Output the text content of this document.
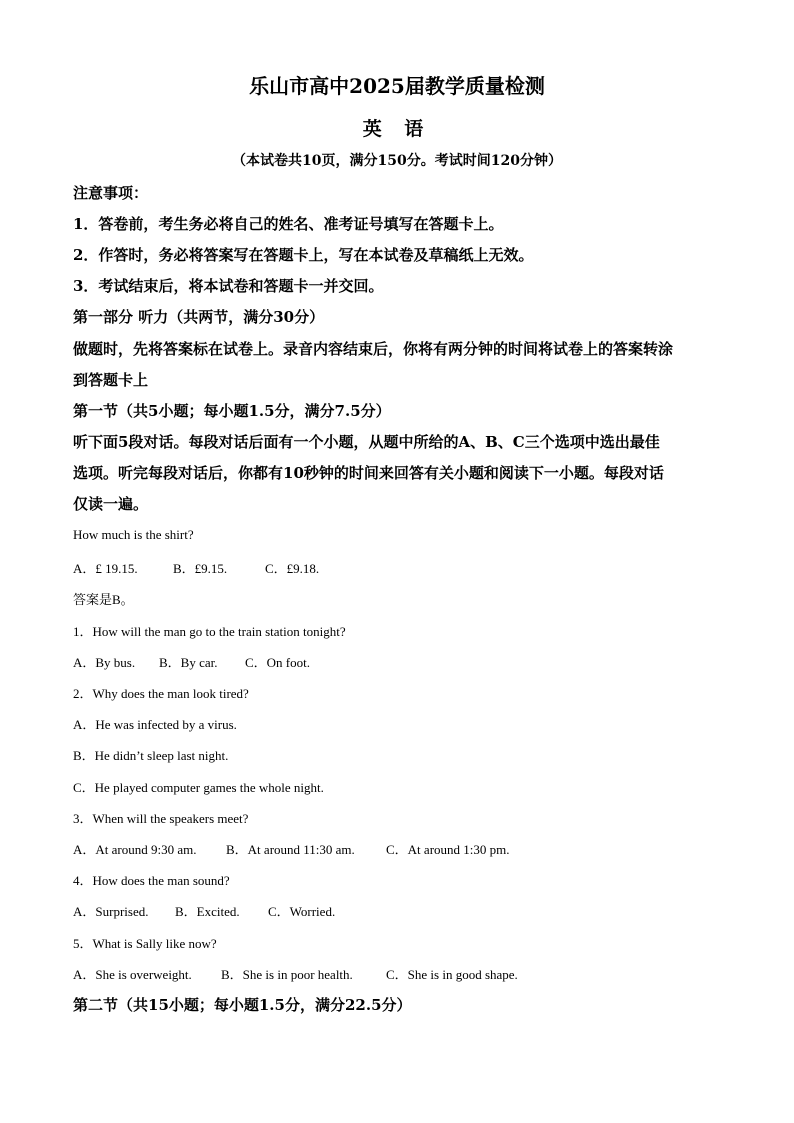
乐山市高中2025届教学质量检测
英 语
（本试卷共10页，满分150分。考试时间120分钟）
注意事项：
1．答卷前，考生务必将自己的姓名、准考证号填写在答题卡上。
2．作答时，务必将答案写在答题卡上，写在本试卷及草稿纸上无效。
3．考试结束后，将本试卷和答题卡一并交回。
第一部分 听力（共两节，满分30分）
做题时，先将答案标在试卷上。录音内容结束后，你将有两分钟的时间将试卷上的答案转涂
到答题卡上
第一节（共5小题；每小题1.5分，满分7.5分）
听下面5段对话。每段对话后面有一个小题，从题中所给的A、B、C三个选项中选出最佳
选项。听完每段对话后，你都有10秒钟的时间来回答有关小题和阅读下一小题。每段对话
仅读一遍。
How much is the shirt?
A．£ 19.15.	B．£9.15.	C．£9.18.
答案是B。
1．How will the man go to the train station tonight?
A．By bus. B．By car. C．On foot.
2．Why does the man look tired?
A．He was infected by a virus.
B．He didn’t sleep last night.
C．He played computer games the whole night.
3．When will the speakers meet?
A．At around 9:30 am. B．At around 11:30 am. C．At around 1:30 pm.
4．How does the man sound?
A．Surprised. B．Excited. C．Worried.
5．What is Sally like now?
A．She is overweight. B．She is in poor health.	C．She is in good shape.
第二节（共15小题；每小题1.5分，满分22.5分）
